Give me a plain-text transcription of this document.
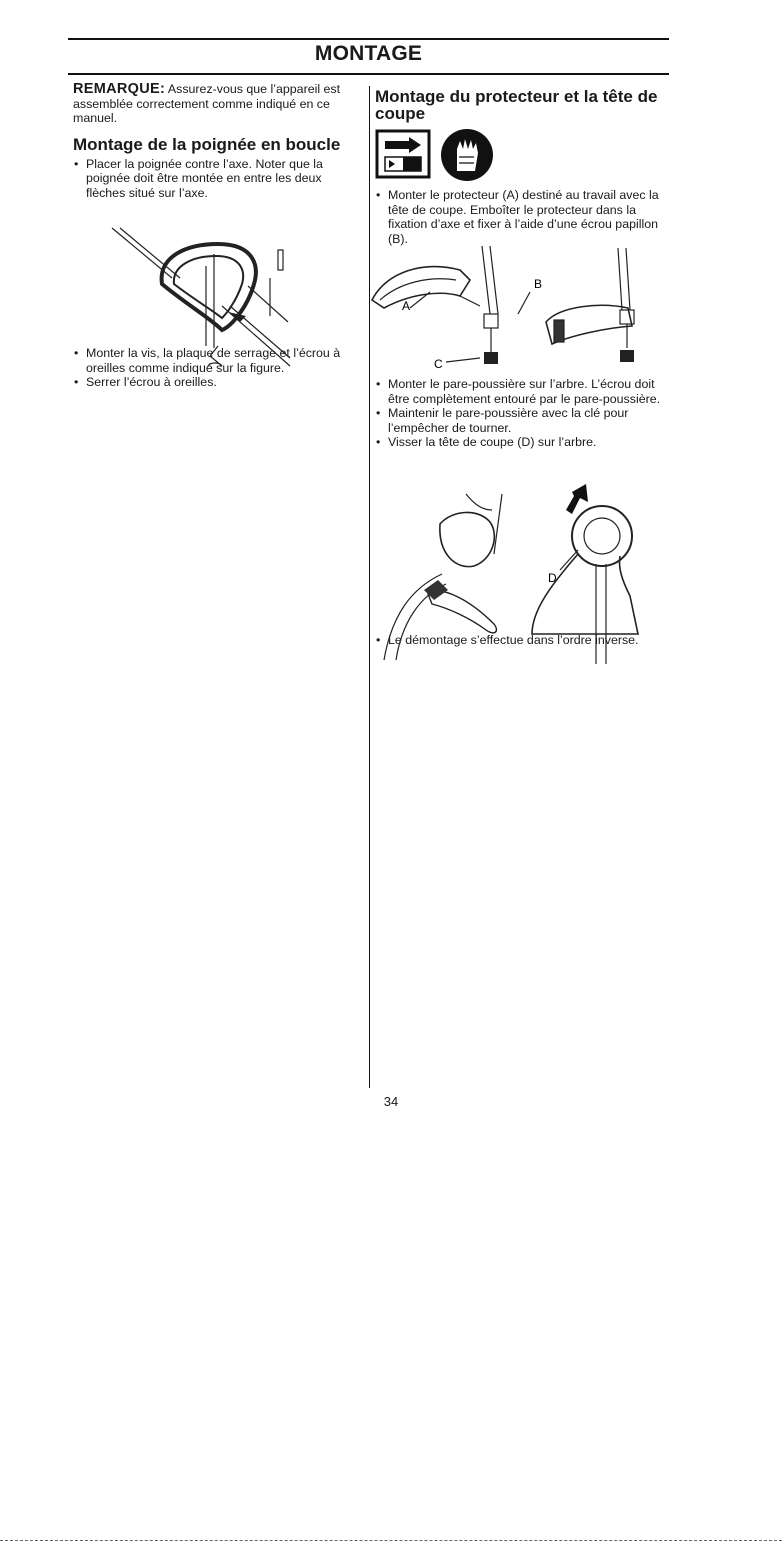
MONTAGE

REMARQUE: Assurez-vous que l’appareil est assemblée correctement comme indiqué en ce manuel.

Montage de la poignée en boucle
• Placer la poignée contre l’axe. Noter que la poignée doit être montée en entre les deux flèches situé sur l’axe.
• Monter la vis, la plaque de serrage et l’écrou à oreilles comme indiqué sur la figure.
• Serrer l’écrou à oreilles.
Montage du protecteur et la tête de coupe
• Monter le protecteur (A) destiné au travail avec la tête de coupe. Emboîter le protecteur dans la fixation d’axe et fixer à l’aide d’une écrou papillon (B).
• Monter le pare-poussière sur l’arbre. L’écrou doit être complètement entouré par le pare-poussière.
• Maintenir le pare-poussière avec la clé pour l’empêcher de tourner.
• Visser la tête de coupe (D) sur l’arbre.
• Le démontage s’effectue dans l’ordre inverse.
A
B
C
D
34
